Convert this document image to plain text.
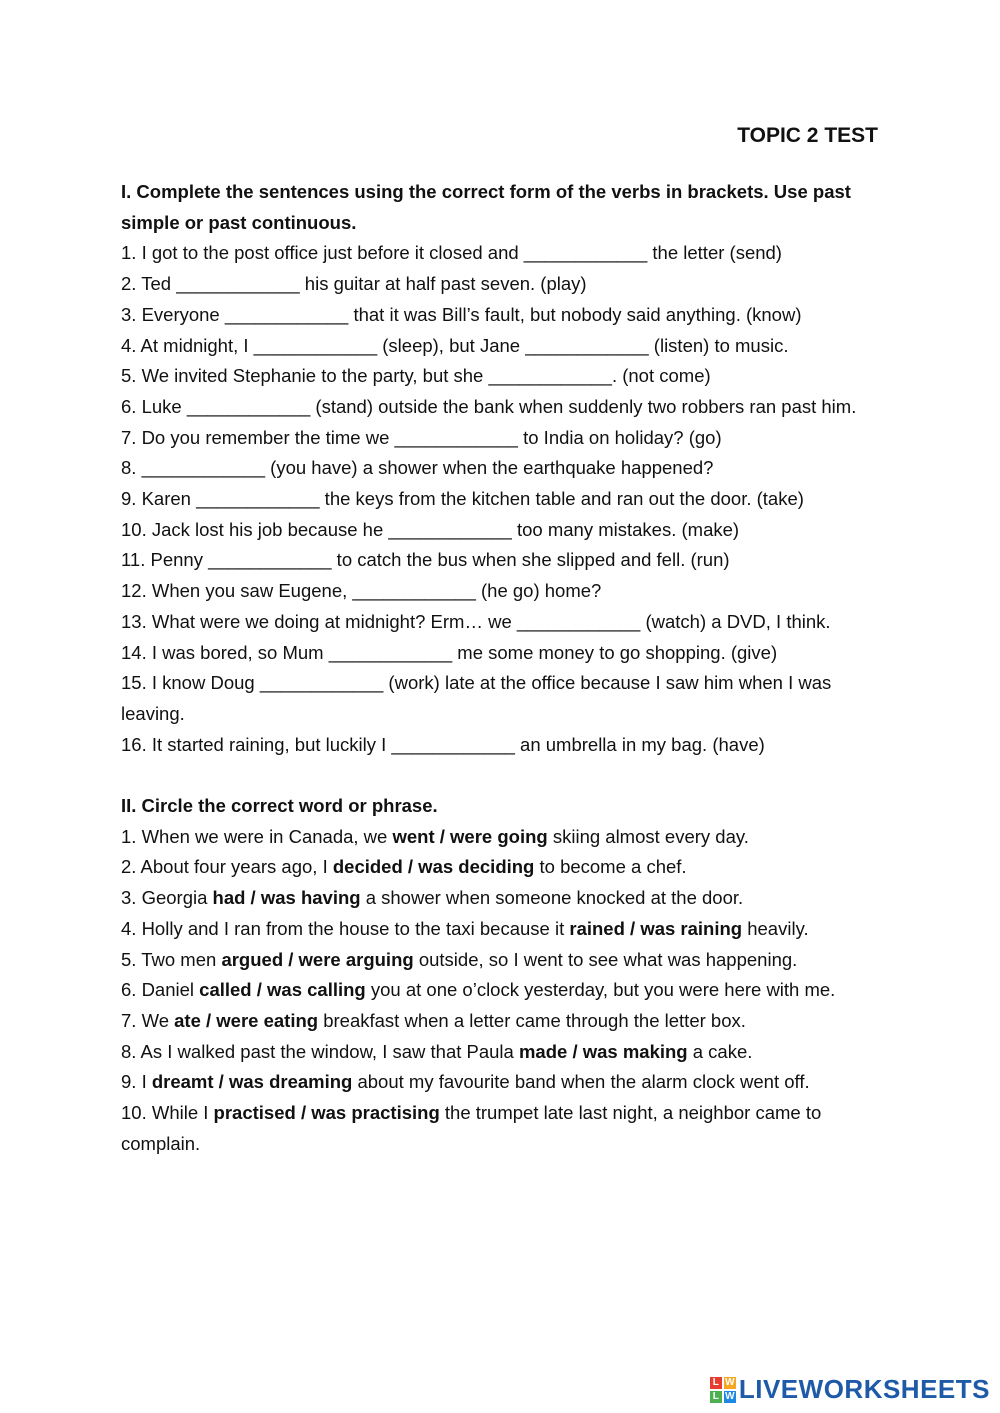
TOPIC 2 TEST

I. Complete the sentences using the correct form of the verbs in brackets. Use past simple or past continuous.

1. I got to the post office just before it closed and ____________ the letter (send)

2. Ted ____________ his guitar at half past seven. (play)

3. Everyone ____________ that it was Bill’s fault, but nobody said anything. (know)

4. At midnight, I ____________ (sleep), but Jane ____________ (listen) to music.

5. We invited Stephanie to the party, but she ____________. (not come)

6. Luke ____________ (stand) outside the bank when suddenly two robbers ran past him.

7. Do you remember the time we ____________ to India on holiday? (go)

8. ____________ (you have) a shower when the earthquake happened?

9. Karen ____________ the keys from the kitchen table and ran out the door. (take)

10. Jack lost his job because he ____________ too many mistakes. (make)

11. Penny ____________ to catch the bus when she slipped and fell. (run)

12. When you saw Eugene, ____________ (he go) home?

13. What were we doing at midnight? Erm… we ____________ (watch) a DVD, I think.

14. I was bored, so Mum ____________ me some money to go shopping. (give)

15. I know Doug ____________ (work) late at the office because I saw him when I was leaving.

16. It started raining, but luckily I ____________ an umbrella in my bag. (have)

II. Circle the correct word or phrase.

1. When we were in Canada, we went / were going skiing almost every day.

2. About four years ago, I decided / was deciding to become a chef.

3. Georgia had / was having a shower when someone knocked at the door.

4. Holly and I ran from the house to the taxi because it rained / was raining heavily.

5. Two men argued / were arguing outside, so I went to see what was happening.

6. Daniel called / was calling you at one o’clock yesterday, but you were here with me.

7. We ate / were eating breakfast when a letter came through the letter box.

8. As I walked past the window, I saw that Paula made / was making a cake.

9. I dreamt / was dreaming about my favourite band when the alarm clock went off.

10. While I practised / was practising the trumpet late last night, a neighbor came to complain.

L W
L W LIVEWORKSHEETS
